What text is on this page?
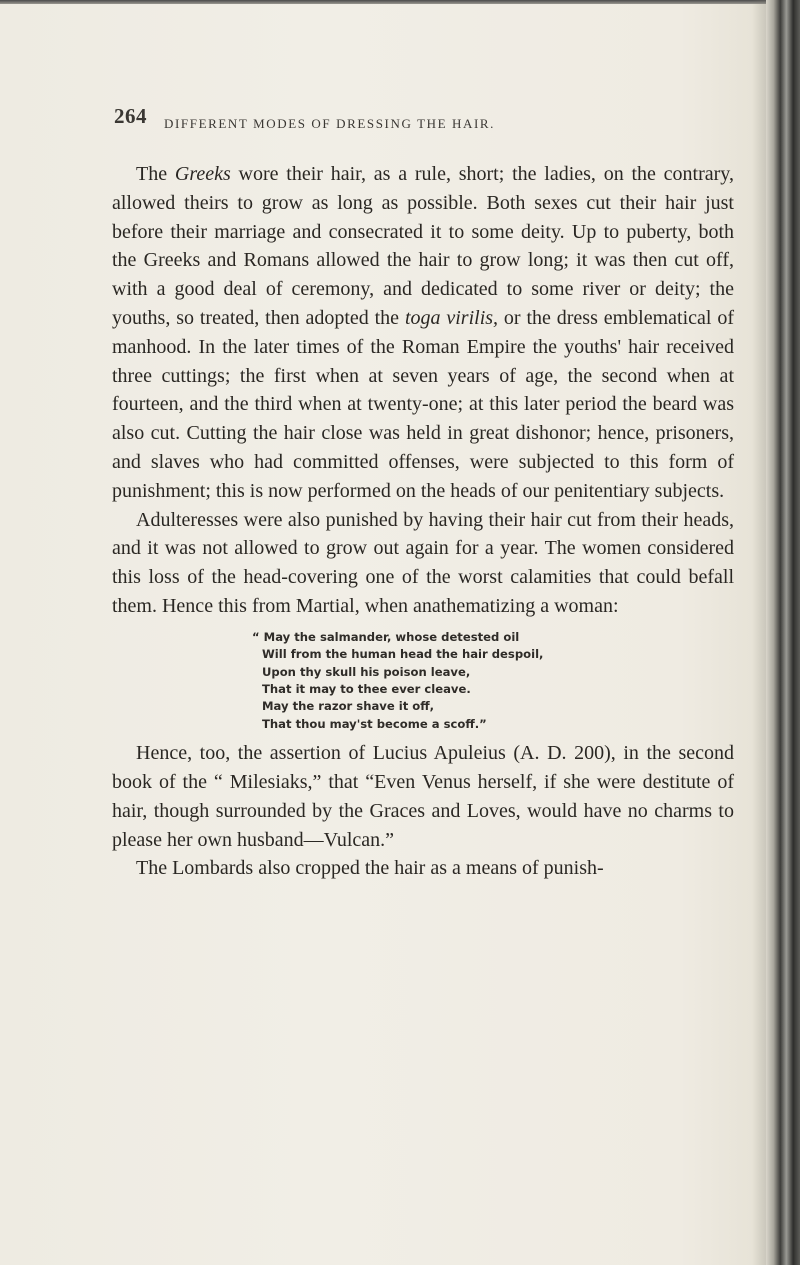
264 DIFFERENT MODES OF DRESSING THE HAIR.

The Greeks wore their hair, as a rule, short; the ladies, on the contrary, allowed theirs to grow as long as possible. Both sexes cut their hair just before their marriage and consecrated it to some deity. Up to puberty, both the Greeks and Romans allowed the hair to grow long; it was then cut off, with a good deal of ceremony, and dedicated to some river or deity; the youths, so treated, then adopted the toga virilis, or the dress emblematical of manhood. In the later times of the Roman Empire the youths' hair received three cuttings; the first when at seven years of age, the second when at fourteen, and the third when at twenty-one; at this later period the beard was also cut. Cutting the hair close was held in great dishonor; hence, prisoners, and slaves who had committed offenses, were subjected to this form of punishment; this is now performed on the heads of our penitentiary subjects.

Adulteresses were also punished by having their hair cut from their heads, and it was not allowed to grow out again for a year. The women considered this loss of the head-covering one of the worst calamities that could befall them. Hence this from Martial, when anathematizing a woman:

“ May the salmander, whose detested oil
Will from the human head the hair despoil,
Upon thy skull his poison leave,
That it may to thee ever cleave.
May the razor shave it off,
That thou may'st become a scoff.”

Hence, too, the assertion of Lucius Apuleius (A. D. 200), in the second book of the “ Milesiaks,” that “Even Venus herself, if she were destitute of hair, though surrounded by the Graces and Loves, would have no charms to please her own husband—Vulcan.”

The Lombards also cropped the hair as a means of punish-
